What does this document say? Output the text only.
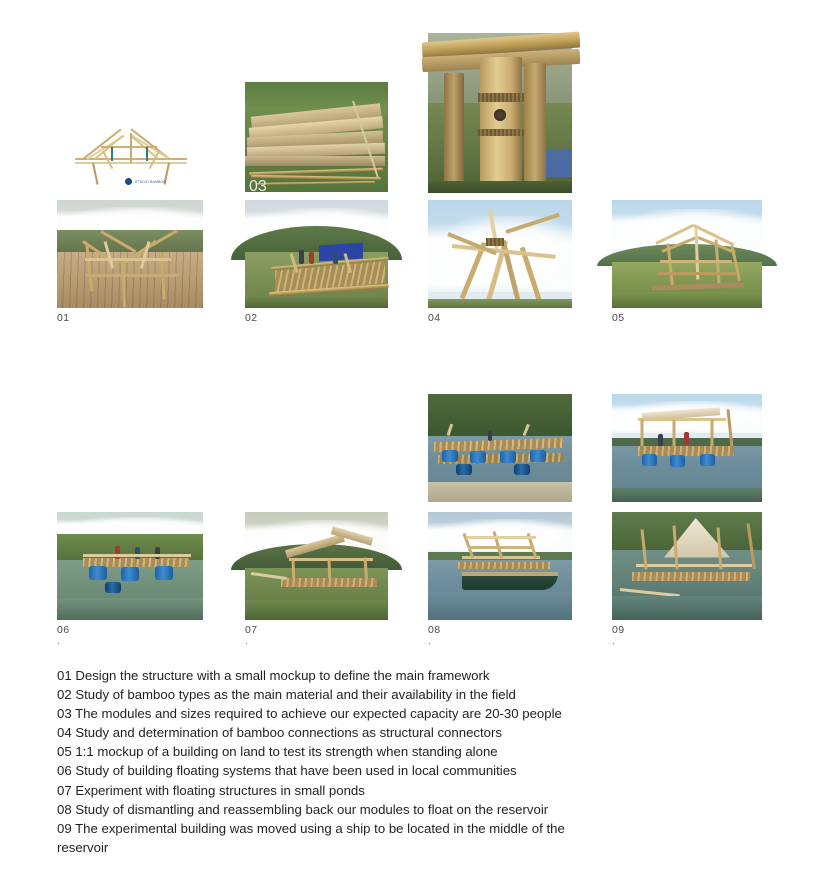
STUDIO BAMBOO
01	02
03
04	05
06
.
07
.
08
.
09
.
01 Design the structure with a small mockup to define the main framework
02 Study of bamboo types as the main material and their availability in the field
03 The modules and sizes required to achieve our expected capacity are 20-30 people
04 Study and determination of bamboo connections as structural connectors
05 1:1 mockup of a building on land to test its strength when standing alone
06 Study of building floating systems that have been used in local communities
07 Experiment with floating structures in small ponds
08 Study of dismantling and reassembling back our modules to float on the reservoir
09 The experimental building was moved using a ship to be located in the middle of the reservoir
